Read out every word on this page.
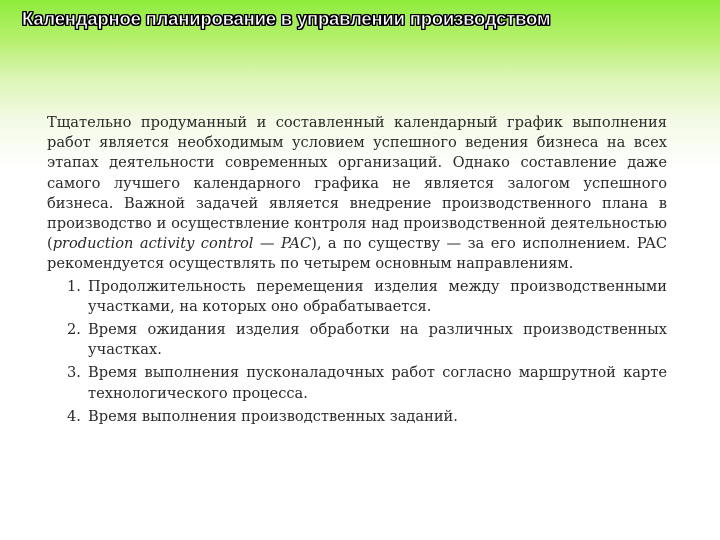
Календарное планирование в управлении производством

Тщательно продуманный и составленный календарный график выполнения работ является необходимым условием успешного ведения бизнеса на всех этапах деятельности современных организаций. Однако составление даже самого лучшего календарного графика не является залогом успешного бизнеса. Важной задачей является внедрение производственного плана в производство и осуществление контроля над производственной деятельностью (production activity control — PAC), а по существу — за его исполнением. PAC рекомендуется осуществлять по четырем основным направлениям.

1. Продолжительность перемещения изделия между производственными участками, на которых оно обрабатывается.
2. Время ожидания изделия обработки на различных производственных участках.
3. Время выполнения пусконаладочных работ согласно маршрутной карте технологического процесса.
4. Время выполнения производственных заданий.
